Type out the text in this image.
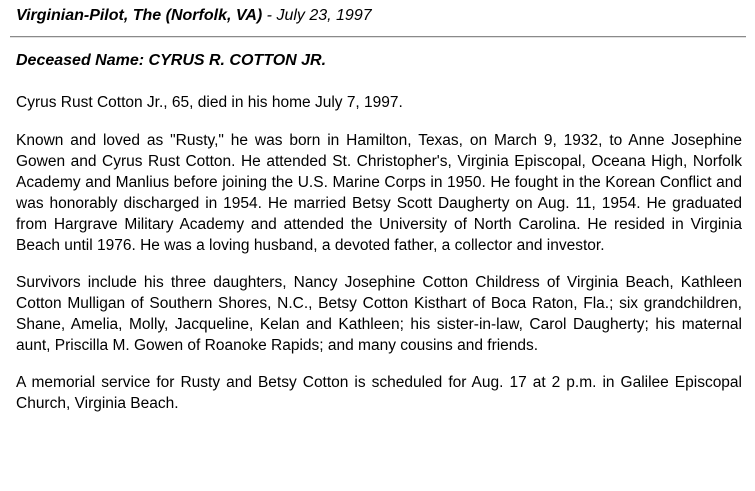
Virginian-Pilot, The (Norfolk, VA) - July 23, 1997
Deceased Name: CYRUS R. COTTON JR.

Cyrus Rust Cotton Jr., 65, died in his home July 7, 1997.

Known and loved as "Rusty," he was born in Hamilton, Texas, on March 9, 1932, to Anne Josephine Gowen and Cyrus Rust Cotton. He attended St. Christopher's, Virginia Episcopal, Oceana High, Norfolk Academy and Manlius before joining the U.S. Marine Corps in 1950. He fought in the Korean Conflict and was honorably discharged in 1954. He married Betsy Scott Daugherty on Aug. 11, 1954. He graduated from Hargrave Military Academy and attended the University of North Carolina. He resided in Virginia Beach until 1976. He was a loving husband, a devoted father, a collector and investor.

Survivors include his three daughters, Nancy Josephine Cotton Childress of Virginia Beach, Kathleen Cotton Mulligan of Southern Shores, N.C., Betsy Cotton Kisthart of Boca Raton, Fla.; six grandchildren, Shane, Amelia, Molly, Jacqueline, Kelan and Kathleen; his sister-in-law, Carol Daugherty; his maternal aunt, Priscilla M. Gowen of Roanoke Rapids; and many cousins and friends.

A memorial service for Rusty and Betsy Cotton is scheduled for Aug. 17 at 2 p.m. in Galilee Episcopal Church, Virginia Beach.
